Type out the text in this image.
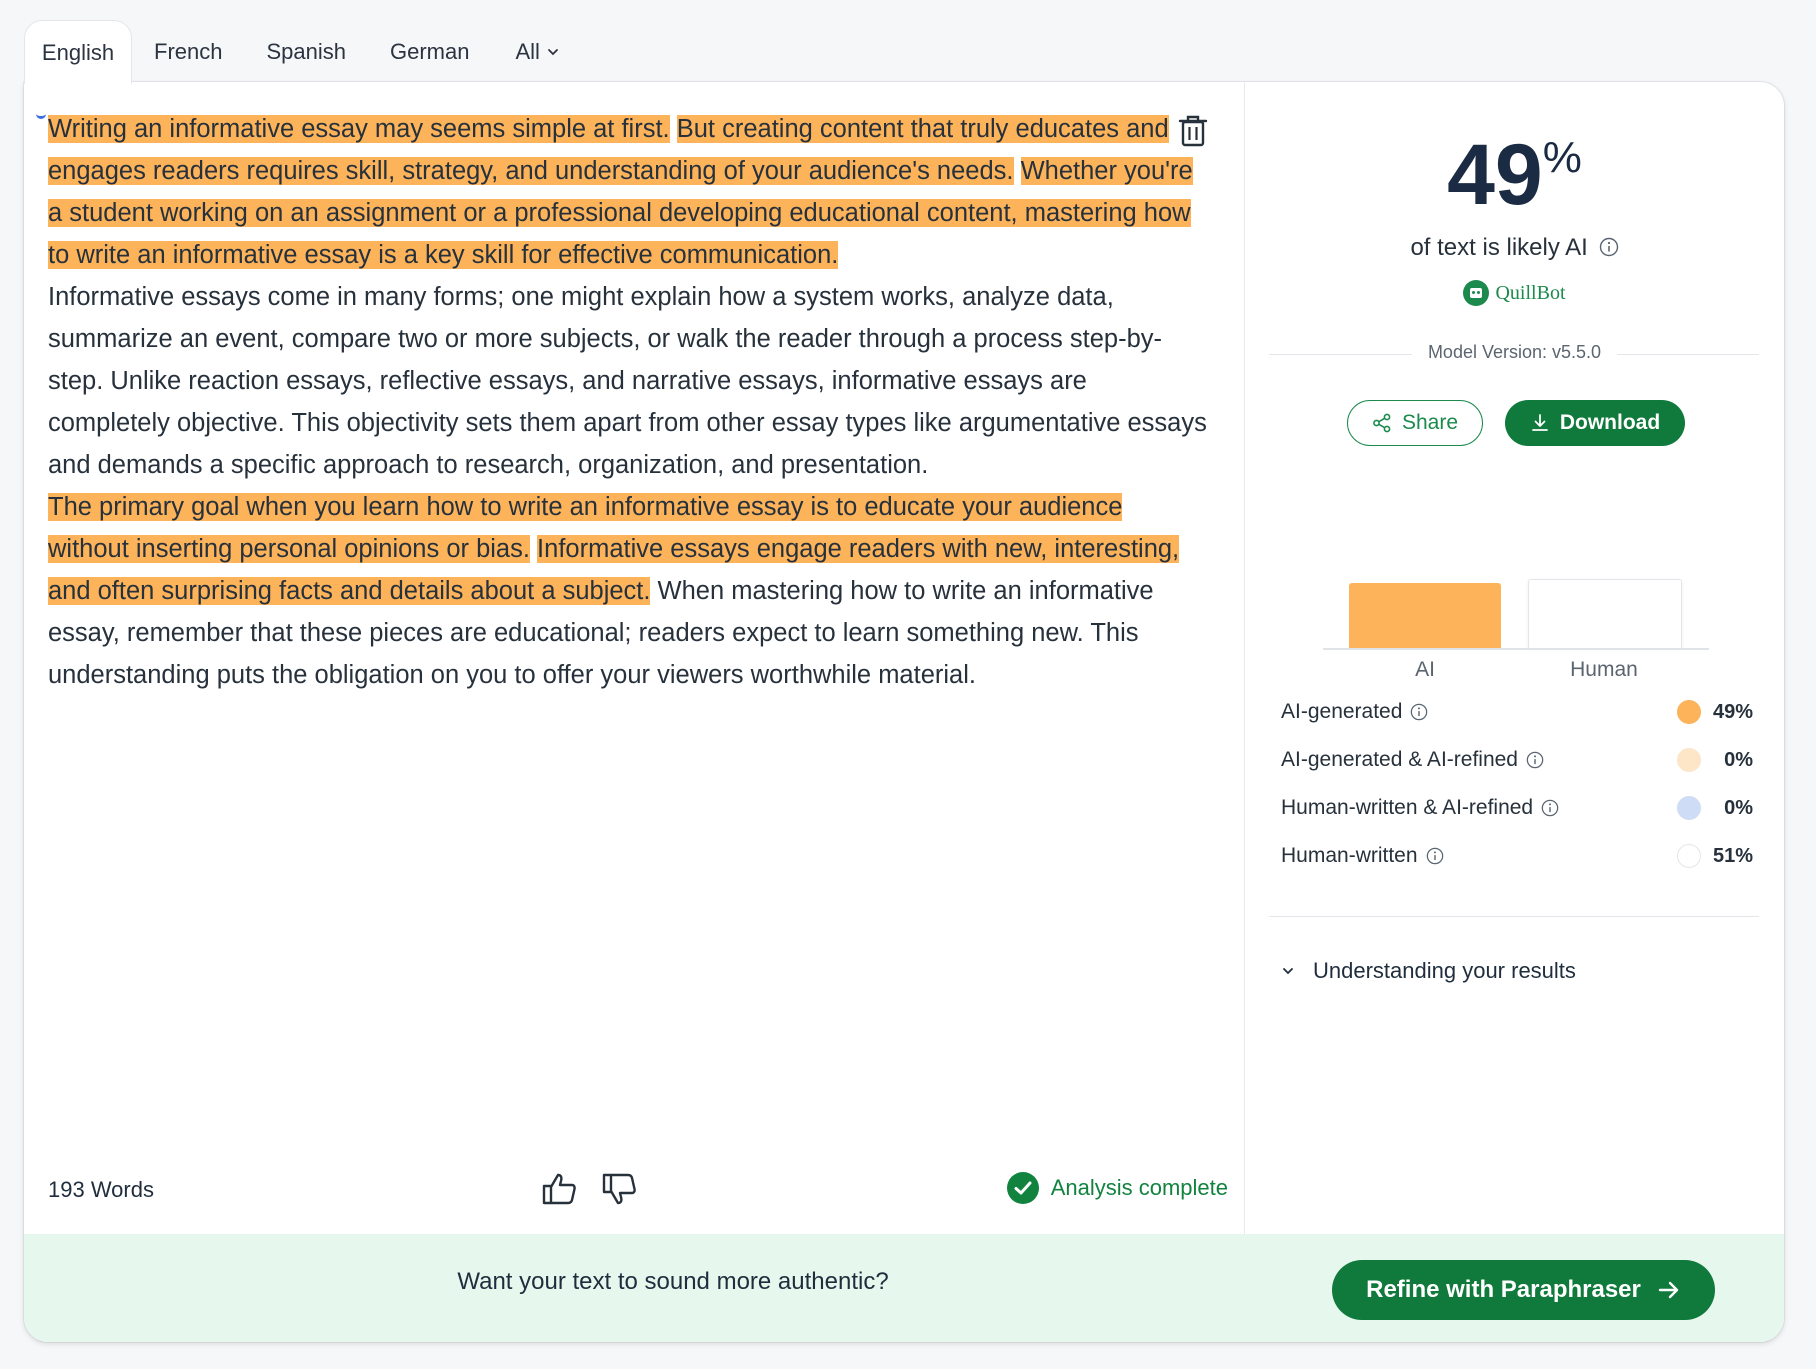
English	French	Spanish	German	All

Writing an informative essay may seems simple at first. But creating content that truly educates and engages readers requires skill, strategy, and understanding of your audience's needs. Whether you're a student working on an assignment or a professional developing educational content, mastering how to write an informative essay is a key skill for effective communication.
Informative essays come in many forms; one might explain how a system works, analyze data, summarize an event, compare two or more subjects, or walk the reader through a process step-by-step. Unlike reaction essays, reflective essays, and narrative essays, informative essays are completely objective. This objectivity sets them apart from other essay types like argumentative essays and demands a specific approach to research, organization, and presentation.
The primary goal when you learn how to write an informative essay is to educate your audience without inserting personal opinions or bias. Informative essays engage readers with new, interesting, and often surprising facts and details about a subject. When mastering how to write an informative essay, remember that these pieces are educational; readers expect to learn something new. This understanding puts the obligation on you to offer your viewers worthwhile material.

193 Words	Analysis complete
49%
of text is likely AI
QuillBot
Model Version: v5.5.0
Share	Download
AI	Human
AI-generated	49%
AI-generated & AI-refined	0%
Human-written & AI-refined	0%
Human-written	51%
Understanding your results
Want your text to sound more authentic?	Refine with Paraphraser
